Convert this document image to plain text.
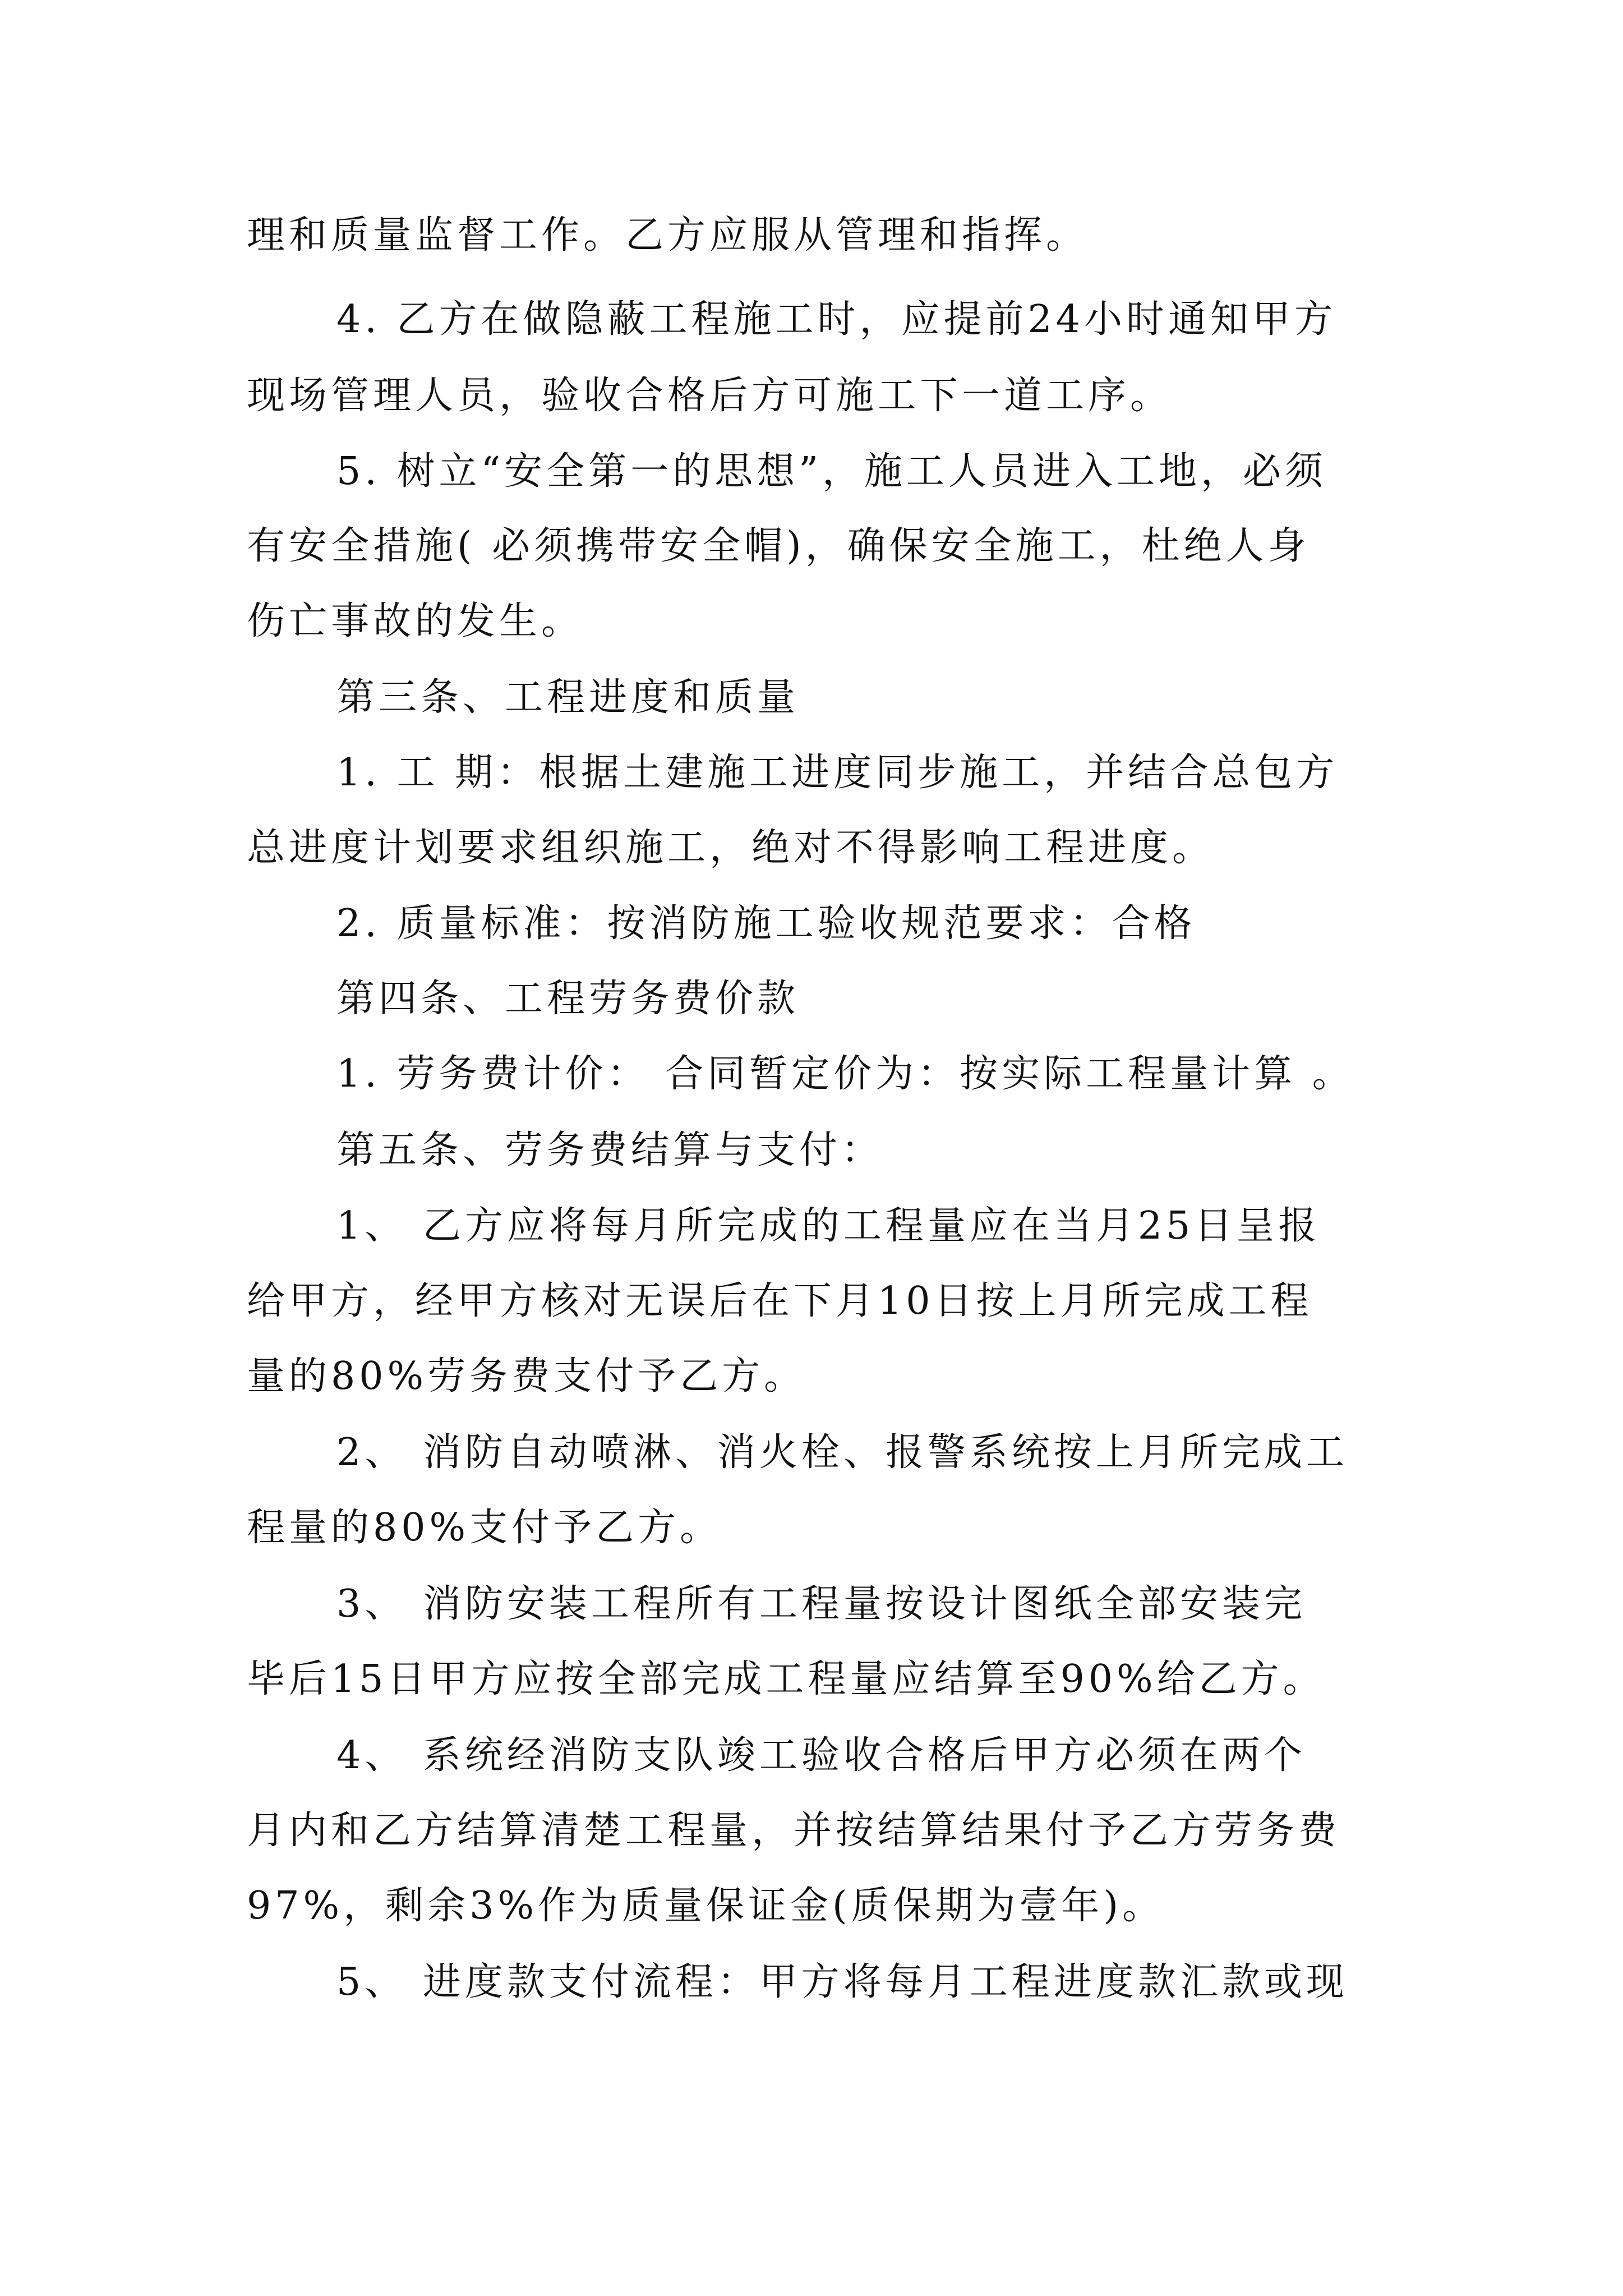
理和质量监督工作。乙方应服从管理和指挥。
4. 乙方在做隐蔽工程施工时，应提前24小时通知甲方
现场管理人员，验收合格后方可施工下一道工序。
5. 树立“安全第一的思想”，施工人员进入工地，必须
有安全措施( 必须携带安全帽)，确保安全施工，杜绝人身
伤亡事故的发生。
第三条、工程进度和质量
1. 工 期：根据土建施工进度同步施工，并结合总包方
总进度计划要求组织施工，绝对不得影响工程进度。
2. 质量标准：按消防施工验收规范要求：合格
第四条、工程劳务费价款
1. 劳务费计价： 合同暂定价为：按实际工程量计算 。
第五条、劳务费结算与支付：
1、 乙方应将每月所完成的工程量应在当月25日呈报
给甲方，经甲方核对无误后在下月10日按上月所完成工程
量的80%劳务费支付予乙方。
2、 消防自动喷淋、消火栓、报警系统按上月所完成工
程量的80%支付予乙方。
3、 消防安装工程所有工程量按设计图纸全部安装完
毕后15日甲方应按全部完成工程量应结算至90%给乙方。
4、 系统经消防支队竣工验收合格后甲方必须在两个
月内和乙方结算清楚工程量，并按结算结果付予乙方劳务费
97%，剩余3%作为质量保证金(质保期为壹年)。
5、 进度款支付流程：甲方将每月工程进度款汇款或现
